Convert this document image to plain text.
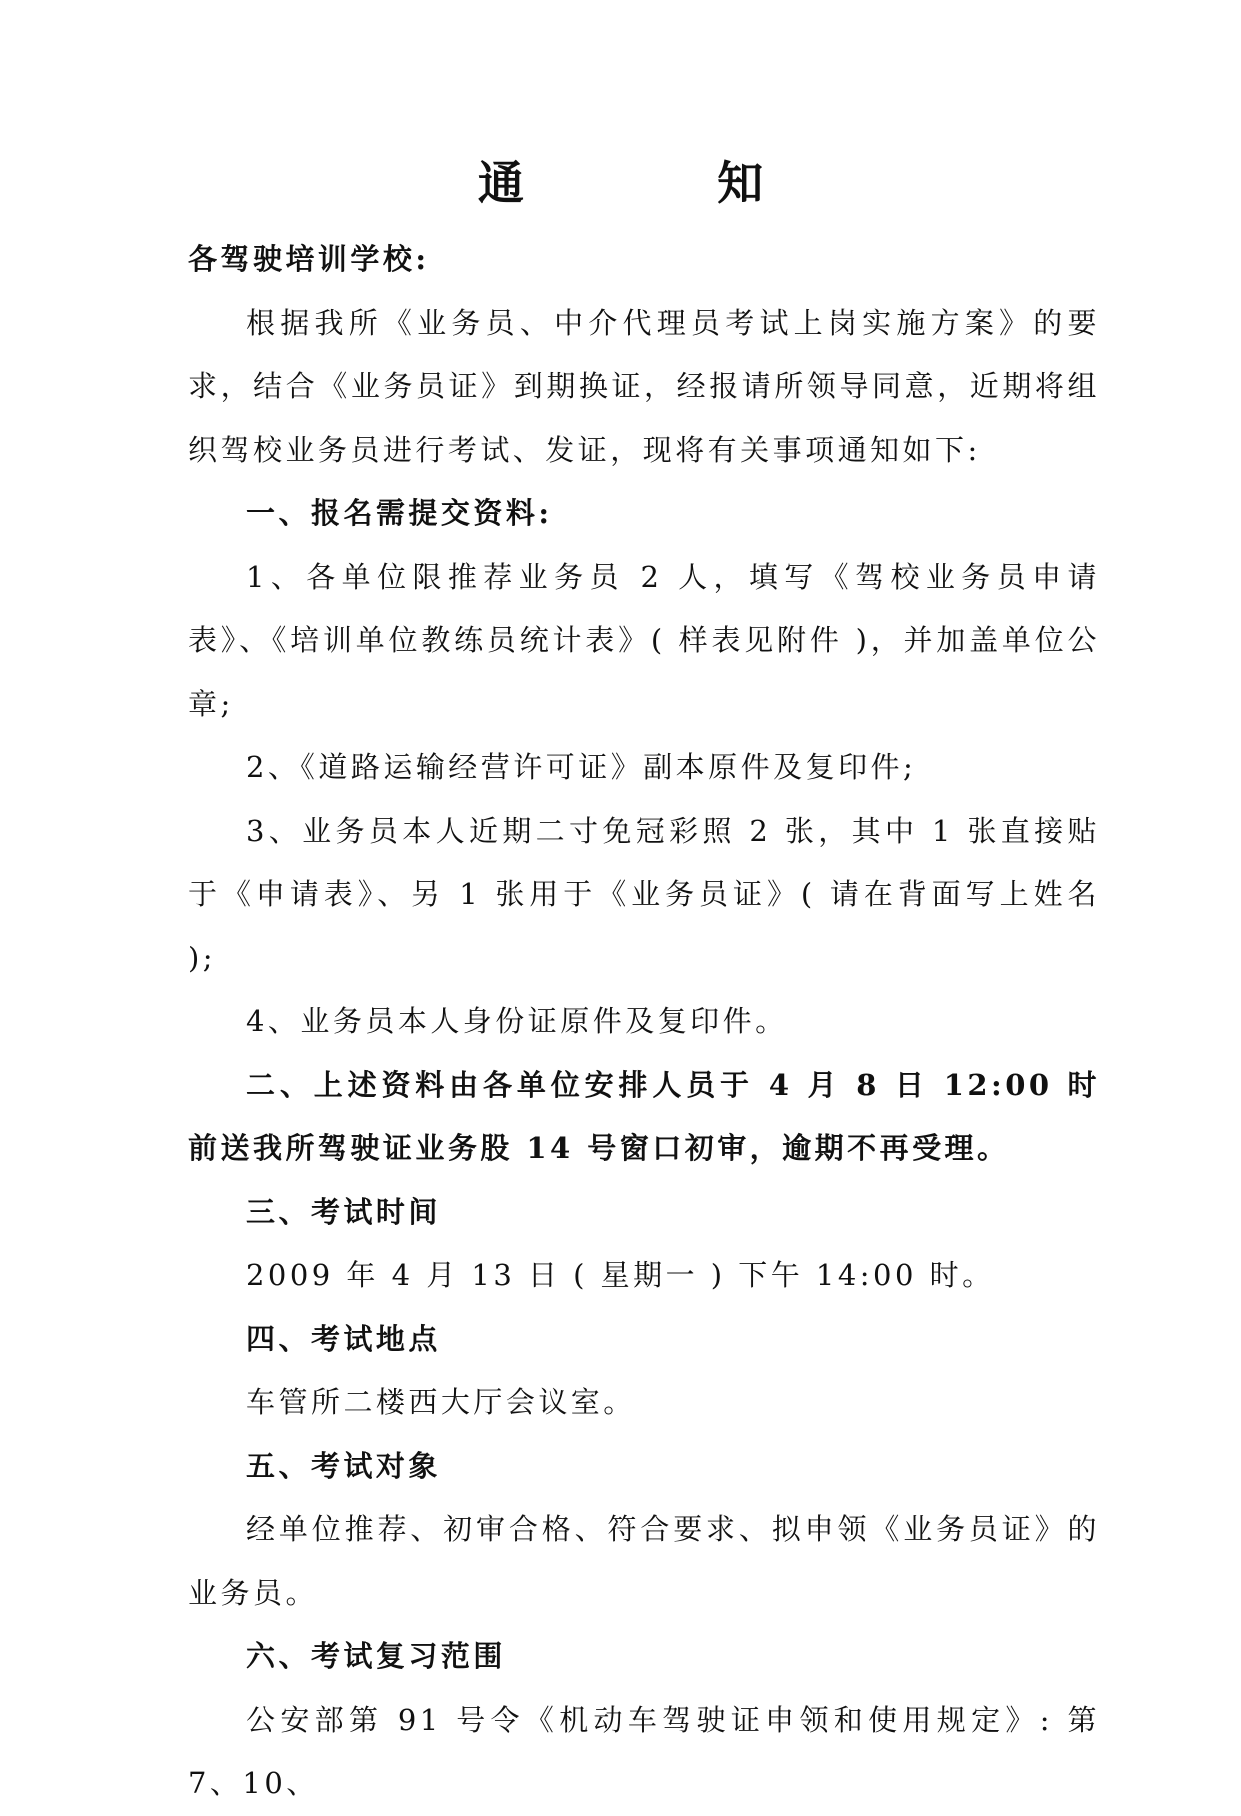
通　知

各驾驶培训学校:

根据我所《业务员、中介代理员考试上岗实施方案》的要求，结合《业务员证》到期换证，经报请所领导同意，近期将组织驾校业务员进行考试、发证，现将有关事项通知如下:

一、报名需提交资料:

1、各单位限推荐业务员 2 人，填写《驾校业务员申请表》、《培训单位教练员统计表》( 样表见附件 )，并加盖单位公章;

2、《道路运输经营许可证》副本原件及复印件;

3、业务员本人近期二寸免冠彩照 2 张，其中 1 张直接贴于《申请表》、另 1 张用于《业务员证》( 请在背面写上姓名 );

4、业务员本人身份证原件及复印件。

二、上述资料由各单位安排人员于 4 月 8 日 12:00 时前送我所驾驶证业务股 14 号窗口初审，逾期不再受理。

三、考试时间

2009 年 4 月 13 日 ( 星期一 ) 下午 14:00 时。

四、考试地点

车管所二楼西大厅会议室。

五、考试对象

经单位推荐、初审合格、符合要求、拟申领《业务员证》的业务员。

六、考试复习范围

公安部第 91 号令《机动车驾驶证申领和使用规定》: 第 7、10、
